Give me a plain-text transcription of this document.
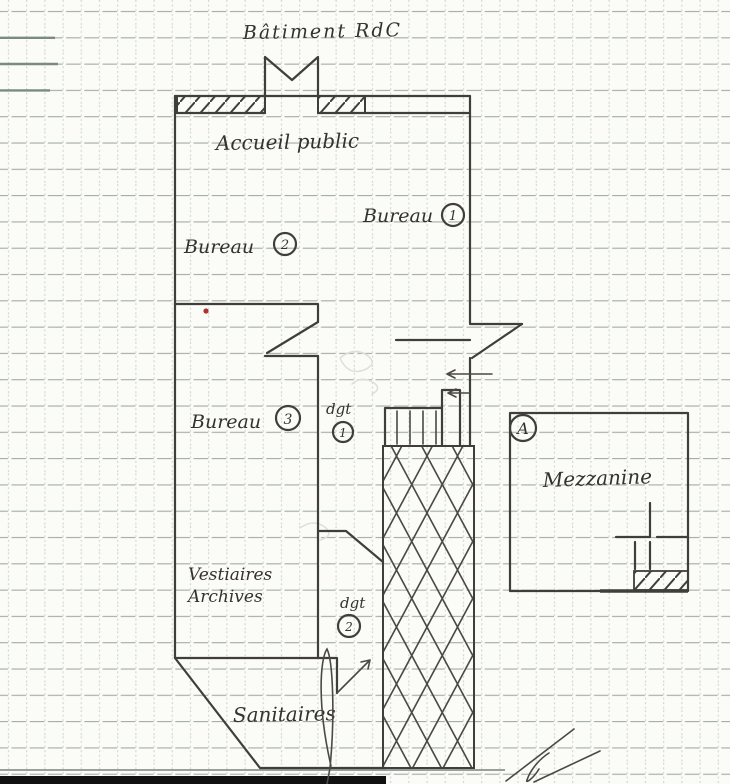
Bâtiment RdC
A
Mezzanine
Accueil public
Bureau 1
Bureau 2
Bureau 3
Vestiaires
Archives
dgt
1
dgt
2
Sanitaires
